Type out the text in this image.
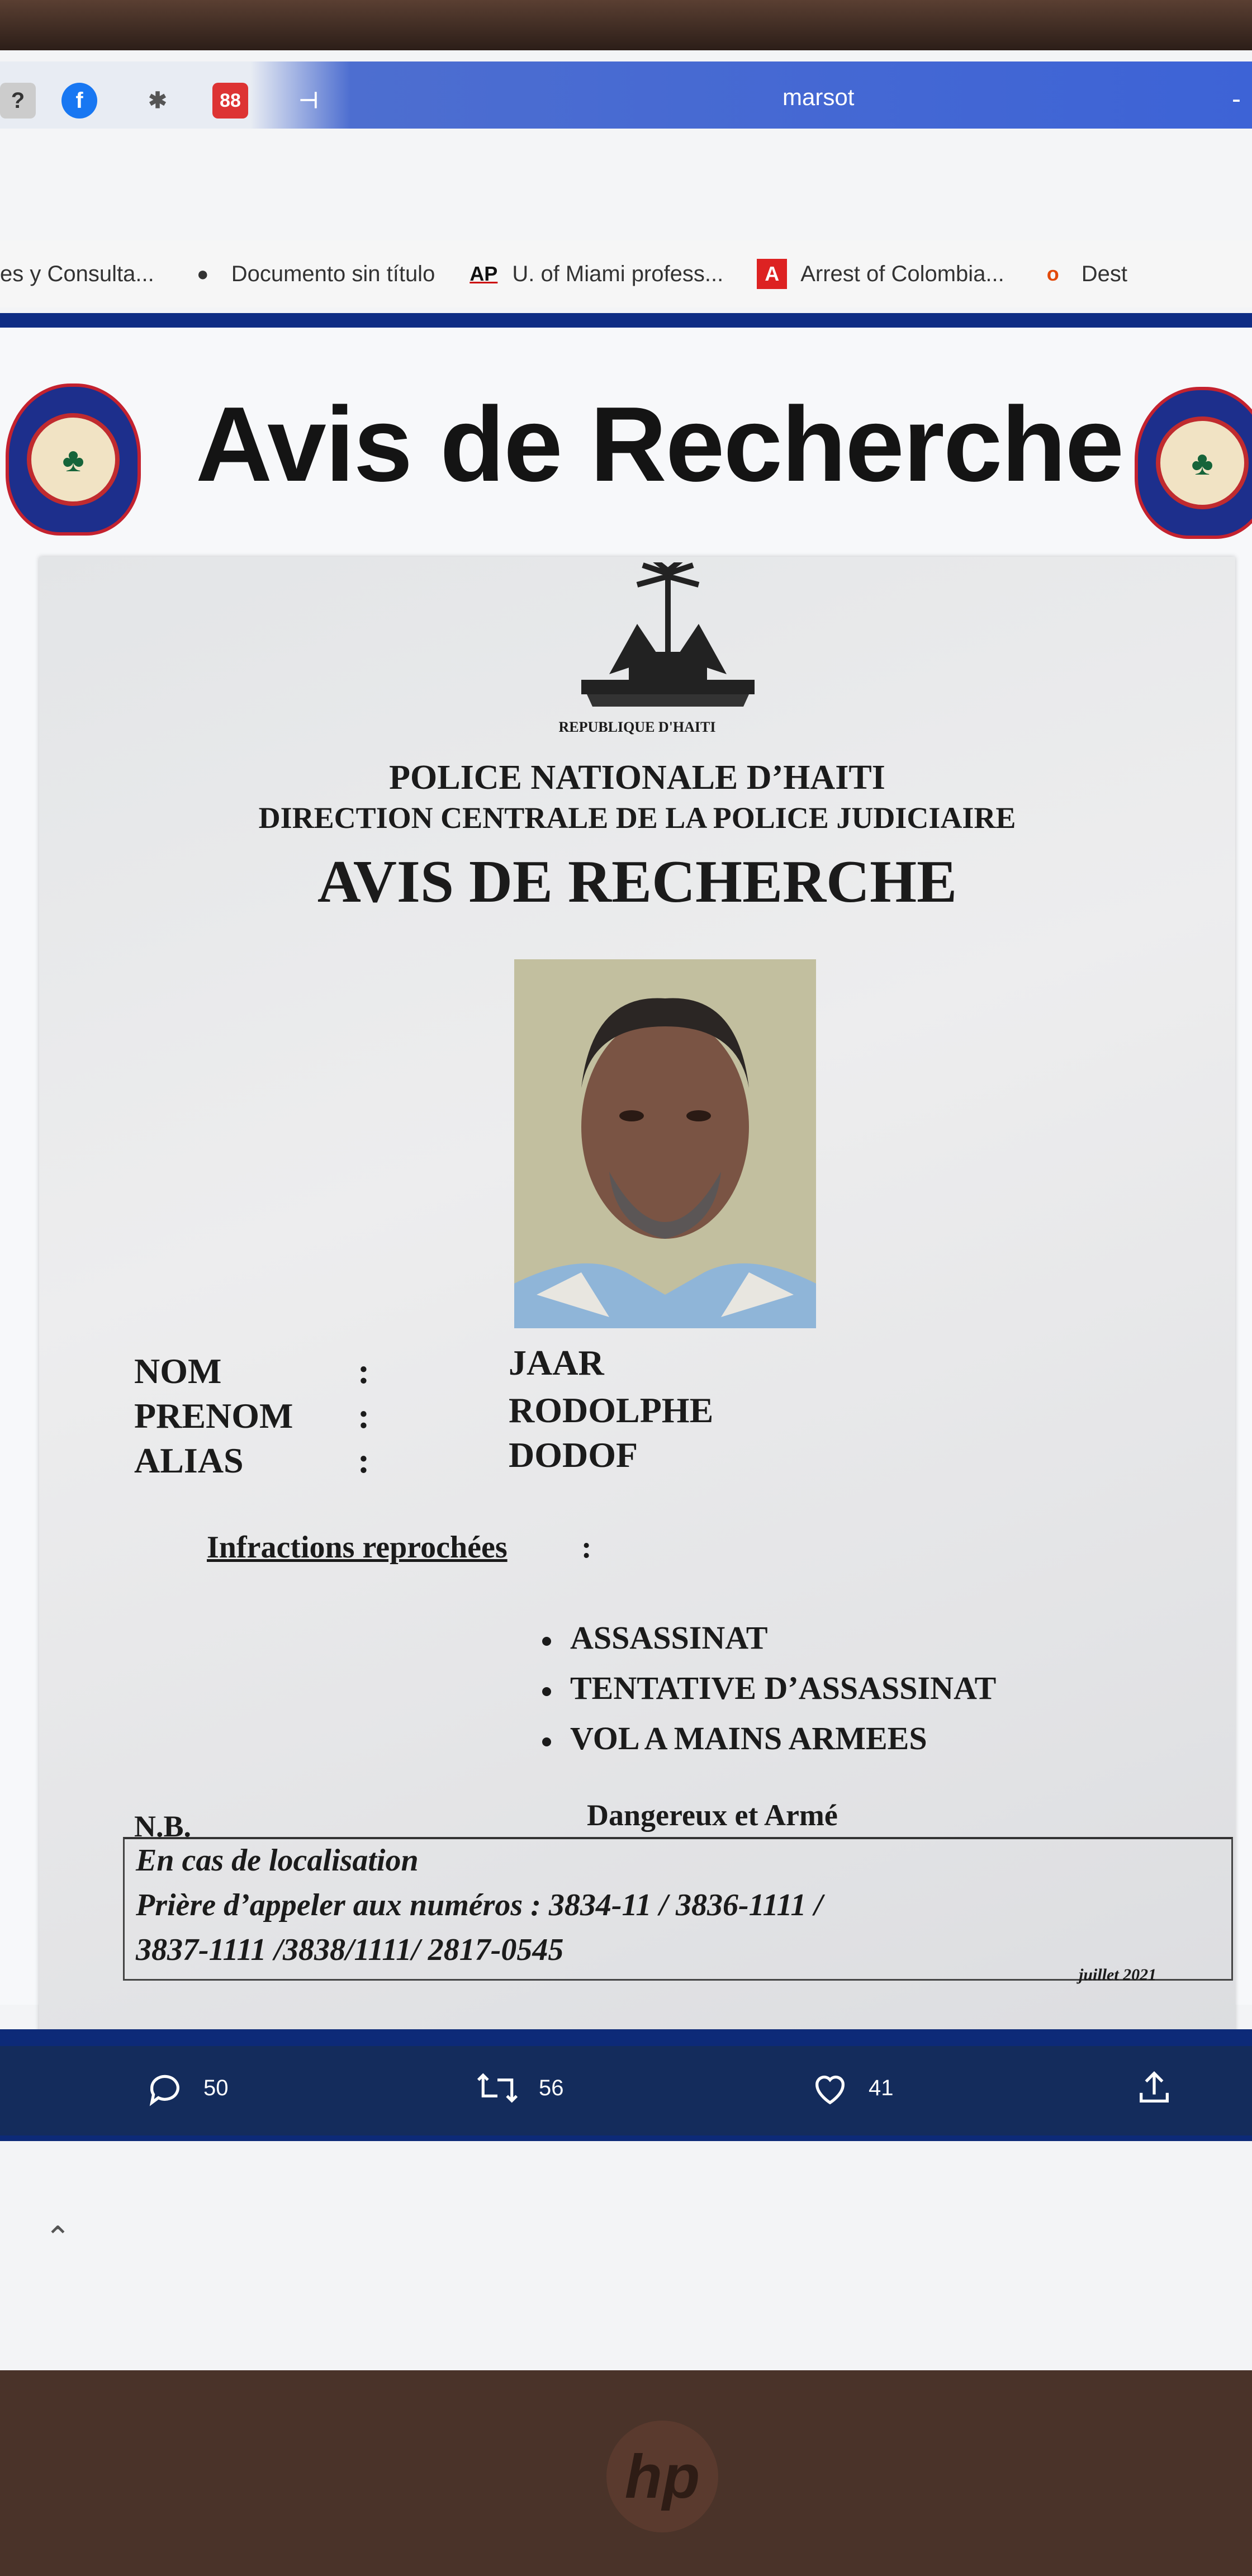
?	f	✱	88	⊣	marsot	-
es y Consulta... ● Documento sin título AP U. of Miami profess... A Arrest of Colombia... o Dest
♣	♣
Avis de Recherche
REPUBLIQUE D'HAITI
POLICE NATIONALE D’HAITI
DIRECTION CENTRALE DE LA POLICE JUDICIAIRE
AVIS DE RECHERCHE
NOM	:	JAAR
PRENOM :	RODOLPHE
ALIAS	:	DODOF
Infractions reprochées :
ASSASSINAT
TENTATIVE D’ASSASSINAT
VOL A MAINS ARMEES
N.B.	Dangereux et Armé
En cas de localisation
Prière d’appeler aux numéros : 3834-11 / 3836-1111 /
3837-1111 /3838/1111/ 2817-0545
juillet 2021
50	56	41
⌃
hp
